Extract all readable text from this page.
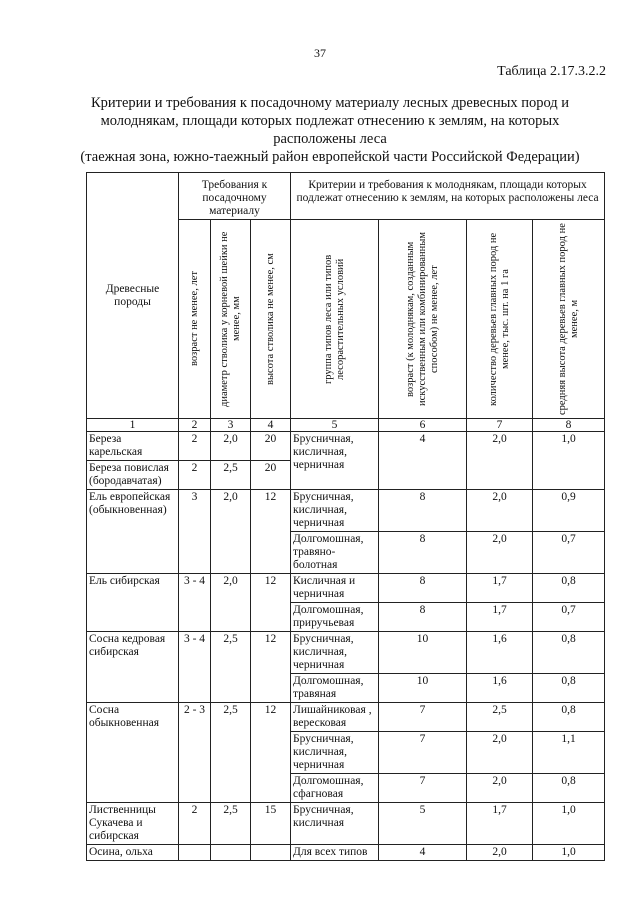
37
Таблица 2.17.3.2.2
Критерии и требования к посадочному материалу лесных древесных пород и
молоднякам, площади которых подлежат отнесению к землям, на которых
расположены леса
(таежная зона, южно-таежный район европейской части Российской Федерации)
Древесные породы	Требования к посадочному материалу			Критерии и требования к молоднякам, площади которых подлежат отнесению к землям, на которых расположены леса			

	возраст не менее, лет	диаметр стволика у корневой шейки не менее, мм	высота стволика не менее, см	группа типов леса или типов лесорастительных условий	возраст (к молоднякам, созданным искусственным или комбинированным способом) не менее, лет	количество деревьев главных пород не менее, тыс. шт. на 1 га	средняя высота деревьев главных пород не менее, м

1	2	3	4	5	6	7	8
Береза карельская	2	2,0	20	Брусничная, кисличная, черничная	4	2,0	1,0
Береза повислая (бородавчатая)	2	2,5	20				
Ель европейская (обыкновенная)	3	2,0	12	Брусничная, кисличная, черничная	8	2,0	0,9
				Долгомошная, травяно-болотная	8	2,0	0,7
Ель сибирская	3 - 4	2,0	12	Кисличная и черничная	8	1,7	0,8
				Долгомошная, приручьевая	8	1,7	0,7
Сосна кедровая сибирская	3 - 4	2,5	12	Брусничная, кисличная, черничная	10	1,6	0,8
				Долгомошная, травяная	10	1,6	0,8
Сосна обыкновенная	2 - 3	2,5	12	Лишайниковая , вересковая	7	2,5	0,8
				Брусничная, кисличная, черничная	7	2,0	1,1
				Долгомошная, сфагновая	7	2,0	0,8
Лиственницы Сукачева и сибирская	2	2,5	15	Брусничная, кисличная	5	1,7	1,0
Осина, ольха				Для всех типов	4	2,0	1,0
